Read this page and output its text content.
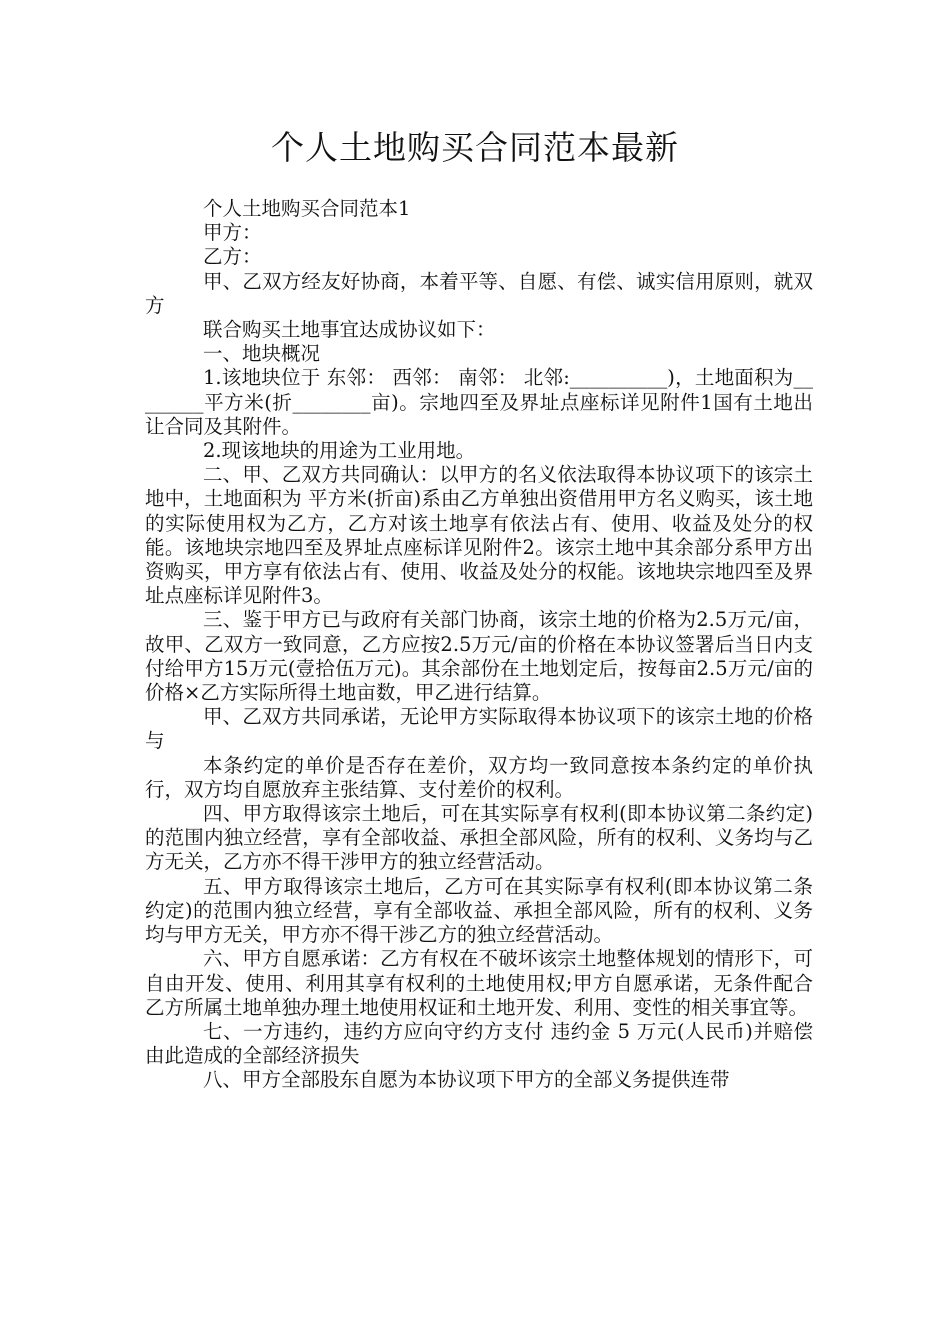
个人土地购买合同范本最新

个人土地购买合同范本1

甲方：

乙方：

甲、乙双方经友好协商，本着平等、自愿、有偿、诚实信用原则，就双方

联合购买土地事宜达成协议如下：

一、地块概况

1.该地块位于 东邻： 西邻： 南邻： 北邻:__________)，土地面积为________平方米(折________亩)。宗地四至及界址点座标详见附件1国有土地出让合同及其附件。

2.现该地块的用途为工业用地。

二、甲、乙双方共同确认：以甲方的名义依法取得本协议项下的该宗土地中，土地面积为 平方米(折亩)系由乙方单独出资借用甲方名义购买，该土地的实际使用权为乙方，乙方对该土地享有依法占有、使用、收益及处分的权能。该地块宗地四至及界址点座标详见附件2。该宗土地中其余部分系甲方出资购买，甲方享有依法占有、使用、收益及处分的权能。该地块宗地四至及界址点座标详见附件3。

三、鉴于甲方已与政府有关部门协商，该宗土地的价格为2.5万元/亩，故甲、乙双方一致同意，乙方应按2.5万元/亩的价格在本协议签署后当日内支付给甲方15万元(壹拾伍万元)。其余部份在土地划定后，按每亩2.5万元/亩的价格×乙方实际所得土地亩数，甲乙进行结算。

甲、乙双方共同承诺，无论甲方实际取得本协议项下的该宗土地的价格与

本条约定的单价是否存在差价，双方均一致同意按本条约定的单价执行，双方均自愿放弃主张结算、支付差价的权利。

四、甲方取得该宗土地后，可在其实际享有权利(即本协议第二条约定)的范围内独立经营，享有全部收益、承担全部风险，所有的权利、义务均与乙方无关，乙方亦不得干涉甲方的独立经营活动。

五、甲方取得该宗土地后，乙方可在其实际享有权利(即本协议第二条约定)的范围内独立经营，享有全部收益、承担全部风险，所有的权利、义务均与甲方无关，甲方亦不得干涉乙方的独立经营活动。

六、甲方自愿承诺：乙方有权在不破坏该宗土地整体规划的情形下，可自由开发、使用、利用其享有权利的土地使用权;甲方自愿承诺，无条件配合乙方所属土地单独办理土地使用权证和土地开发、利用、变性的相关事宜等。

七、一方违约，违约方应向守约方支付 违约金 5 万元(人民币)并赔偿由此造成的全部经济损失

八、甲方全部股东自愿为本协议项下甲方的全部义务提供连带
